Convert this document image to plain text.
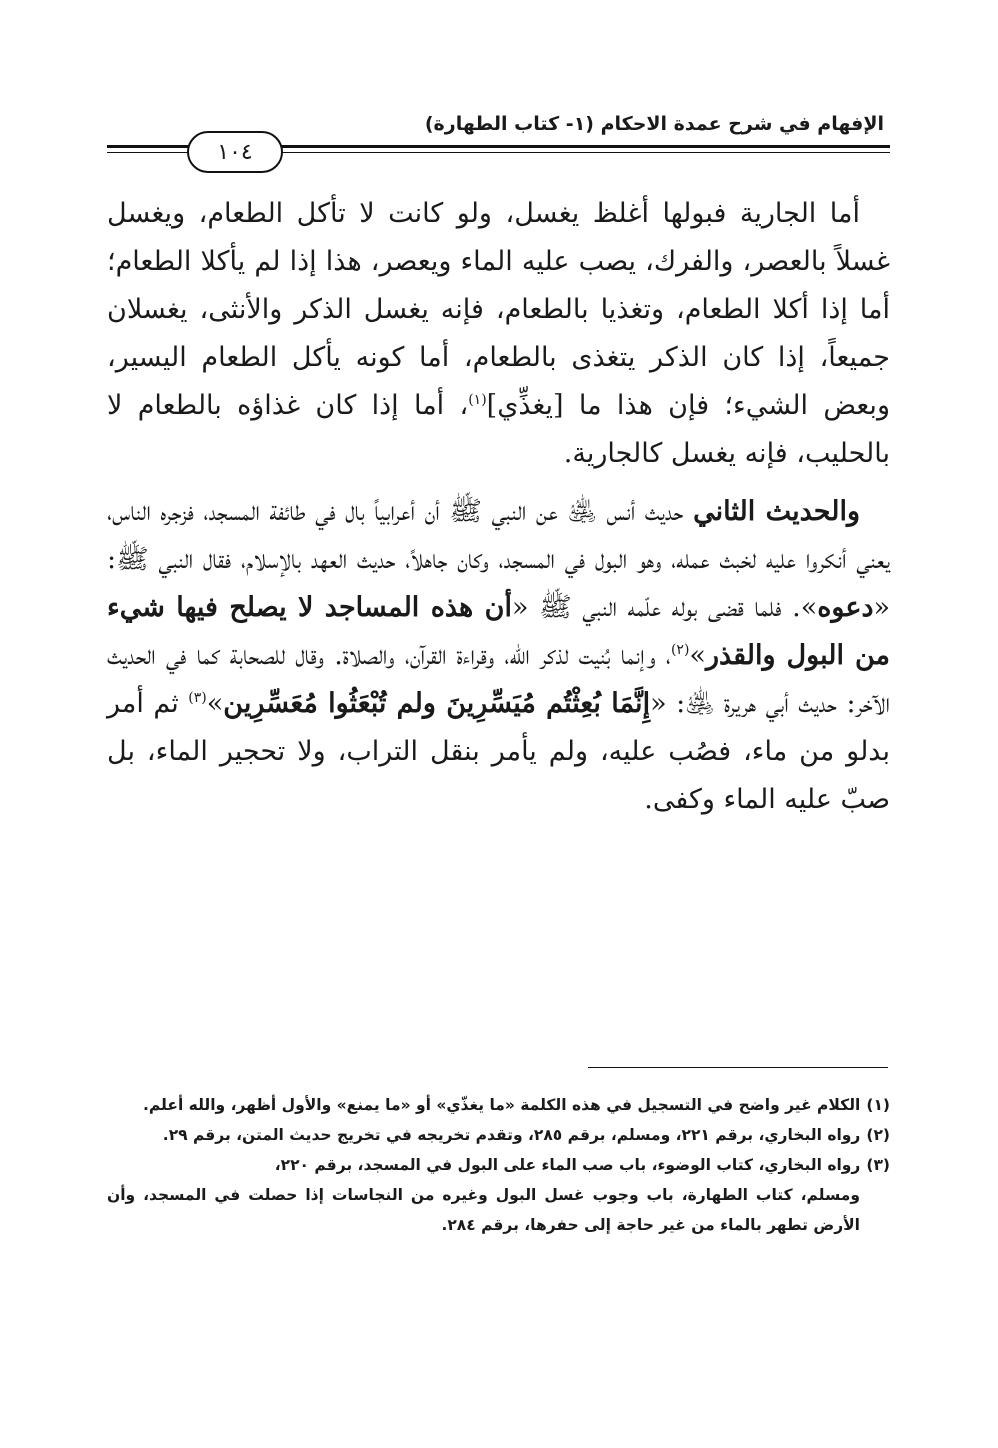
الإفهام في شرح عمدة الاحكام (١- كتاب الطهارة)
١٠٤

أما الجارية فبولها أغلظ يغسل، ولو كانت لا تأكل الطعام، ويغسل غسلاً بالعصر، والفرك، يصب عليه الماء ويعصر، هذا إذا لم يأكلا الطعام؛ أما إذا أكلا الطعام، وتغذيا بالطعام، فإنه يغسل الذكر والأنثى، يغسلان جميعاً، إذا كان الذكر يتغذى بالطعام، أما كونه يأكل الطعام اليسير، وبعض الشيء؛ فإن هذا ما [يغذِّي]$^{(١)}$، أما إذا كان غذاؤه بالطعام لا بالحليب، فإنه يغسل كالجارية.

والحديث الثاني حديث أنس ﵁ عن النبي ﷺ أن أعرابياً بال في طائفة المسجد، فزجره الناس، يعني أنكروا عليه لخبث عمله، وهو البول في المسجد، وكان جاهلاً، حديث العهد بالإسلام، فقال النبي ﷺ: «دعوه». فلما قضى بوله علّمه النبي ﷺ «أن هذه المساجد لا يصلح فيها شيء من البول والقذر»$^{(٢)}$، وإنما بُنيت لذكر الله، وقراءة القرآن، والصلاة. وقال للصحابة كما في الحديث الآخر: حديث أبي هريرة ﵁: «إِنَّمَا بُعِثْتُم مُيَسِّرِينَ ولم تُبْعَثُوا مُعَسِّرِين»$^{(٣)}$ ثم أمر بدلو من ماء، فصُب عليه، ولم يأمر بنقل التراب، ولا تحجير الماء، بل صبّ عليه الماء وكفى.

(١)الكلام غير واضح في التسجيل في هذه الكلمة «ما يغذّي» أو «ما يمنع» والأول أظهر، والله أعلم.

(٢)رواه البخاري، برقم ٢٢١، ومسلم، برقم ٢٨٥، وتقدم تخريجه في تخريج حديث المتن، برقم ٢٩.

(٣)رواه البخاري، كتاب الوضوء، باب صب الماء على البول في المسجد، برقم ٢٢٠،

ومسلم، كتاب الطهارة، باب وجوب غسل البول وغيره من النجاسات إذا حصلت في المسجد، وأن الأرض تطهر بالماء من غير حاجة إلى حفرها، برقم ٢٨٤.
